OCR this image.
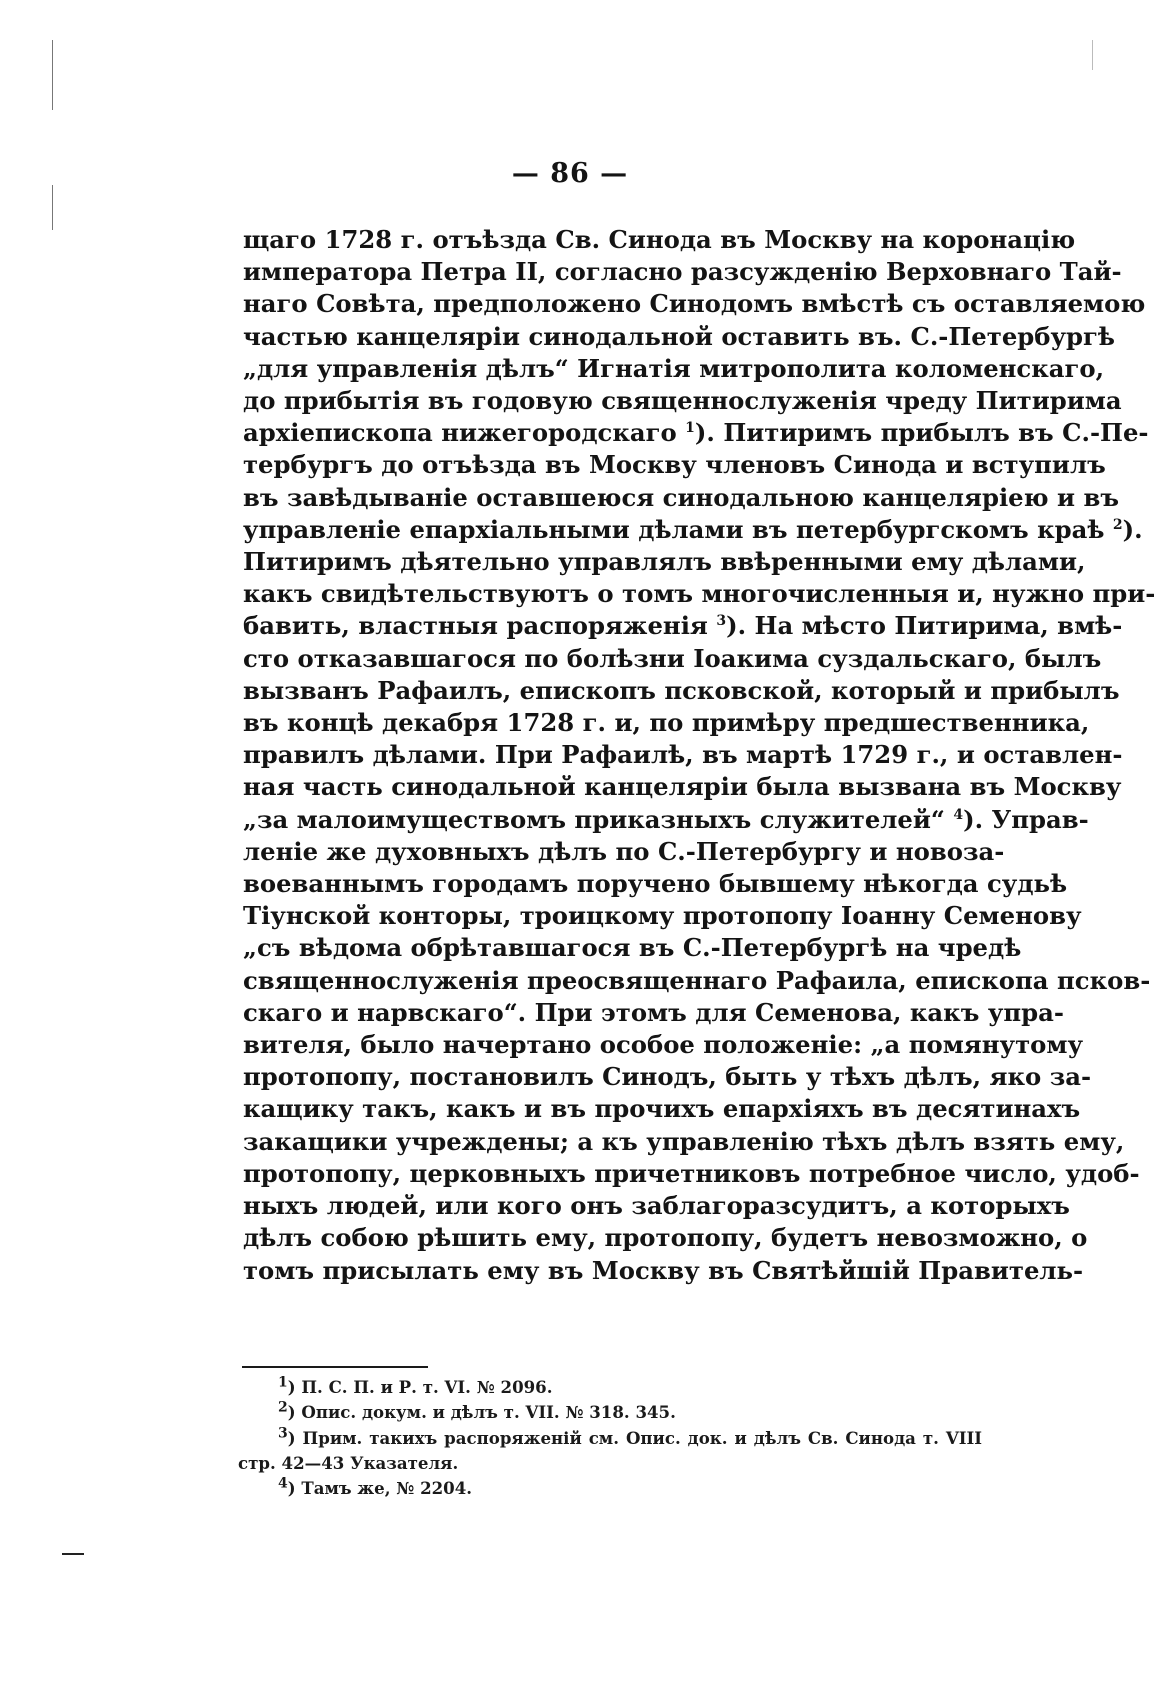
— 86 —
щаго 1728 г. отъѣзда Св. Синода въ Москву на коронацію
императора Петра II, согласно разсужденію Верховнаго Тай-
наго Совѣта, предположено Синодомъ вмѣстѣ съ оставляемою
частью канцеляріи синодальной оставить въ. С.-Петербургѣ
„для управленія дѣлъ“ Игнатія митрополита коломенскаго,
до прибытія въ годовую священнослуженія чреду Питирима
архіепископа нижегородскаго $^1$). Питиримъ прибылъ въ С.-Пе-
тербургъ до отъѣзда въ Москву членовъ Синода и вступилъ
въ завѣдываніе оставшеюся синодальною канцеляріею и въ
управленіе епархіальными дѣлами въ петербургскомъ краѣ $^2$).
Питиримъ дѣятельно управлялъ ввѣренными ему дѣлами,
какъ свидѣтельствуютъ о томъ многочисленныя и, нужно при-
бавить, властныя распоряженія $^3$). На мѣсто Питирима, вмѣ-
сто отказавшагося по болѣзни Іоакима суздальскаго, былъ
вызванъ Рафаилъ, епископъ псковской, который и прибылъ
въ концѣ декабря 1728 г. и, по примѣру предшественника,
правилъ дѣлами. При Рафаилѣ, въ мартѣ 1729 г., и оставлен-
ная часть синодальной канцеляріи была вызвана въ Москву
„за малоимуществомъ приказныхъ служителей“ $^4$). Управ-
леніе же духовныхъ дѣлъ по С.-Петербургу и новоза-
воеваннымъ городамъ поручено бывшему нѣкогда судьѣ
Тіунской конторы, троицкому протопопу Іоанну Семенову
„съ вѣдома обрѣтавшагося въ С.-Петербургѣ на чредѣ
священнослуженія преосвященнаго Рафаила, епископа псков-
скаго и нарвскаго“. При этомъ для Семенова, какъ упра-
вителя, было начертано особое положеніе: „а помянутому
протопопу, постановилъ Синодъ, быть у тѣхъ дѣлъ, яко за-
кащику такъ, какъ и въ прочихъ епархіяхъ въ десятинахъ
закащики учреждены; а къ управленію тѣхъ дѣлъ взять ему,
протопопу, церковныхъ причетниковъ потребное число, удоб-
ныхъ людей, или кого онъ заблагоразсудитъ, а которыхъ
дѣлъ собою рѣшить ему, протопопу, будетъ невозможно, о
томъ присылать ему въ Москву въ Святѣйшій Правитель-
$^1$) П. С. П. и Р. т. VI. № 2096.
$^2$) Опис. докум. и дѣлъ т. VII. № 318. 345.
$^3$) Прим. такихъ распоряженій см. Опис. док. и дѣлъ Св. Синода т. VIII
стр. 42—43 Указателя.
$^4$) Тамъ же, № 2204.
